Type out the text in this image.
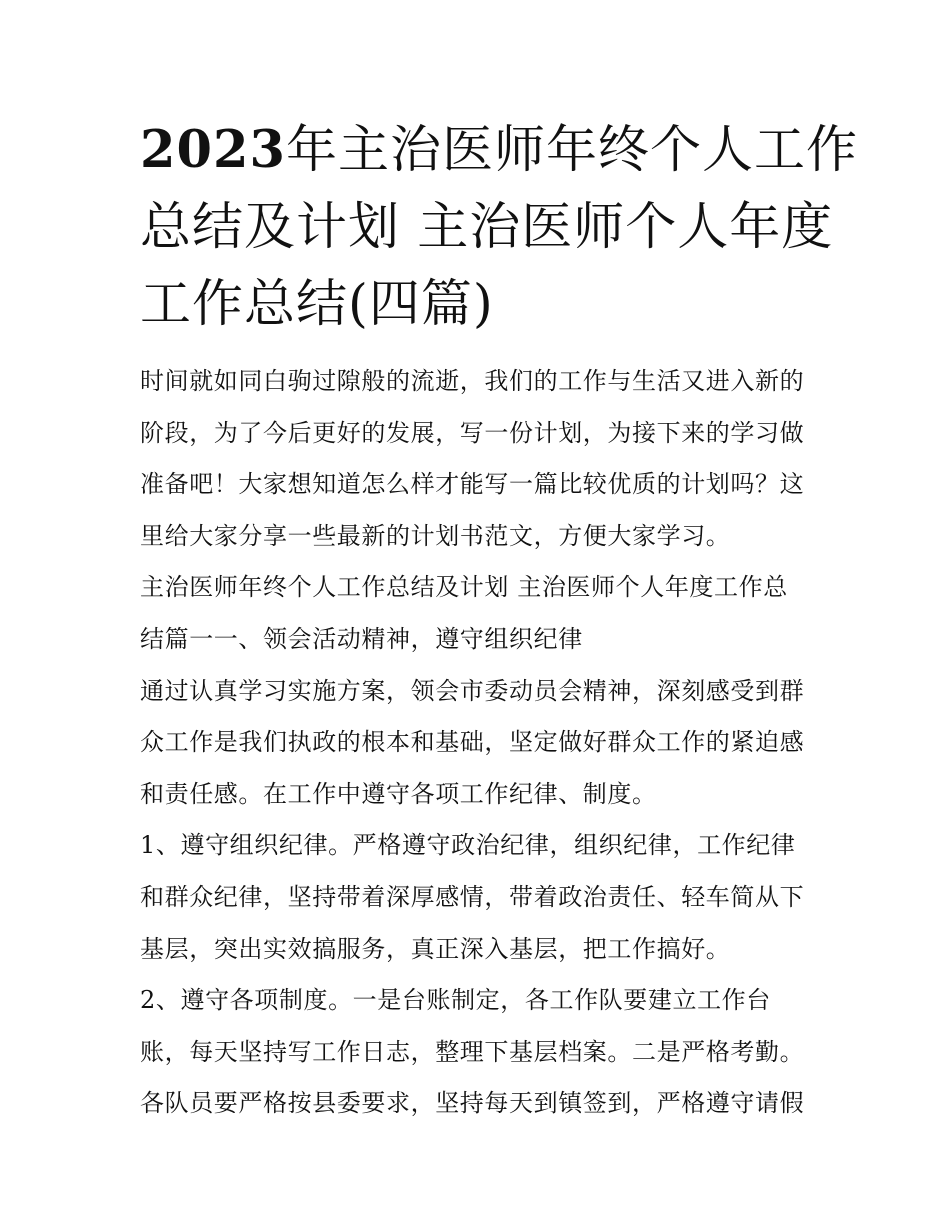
2023年主治医师年终个人工作
总结及计划 主治医师个人年度
工作总结(四篇)

时间就如同白驹过隙般的流逝，我们的工作与生活又进入新的
阶段，为了今后更好的发展，写一份计划，为接下来的学习做
准备吧！大家想知道怎么样才能写一篇比较优质的计划吗？这
里给大家分享一些最新的计划书范文，方便大家学习。

主治医师年终个人工作总结及计划 主治医师个人年度工作总
结篇一一、领会活动精神，遵守组织纪律

通过认真学习实施方案，领会市委动员会精神，深刻感受到群
众工作是我们执政的根本和基础，坚定做好群众工作的紧迫感
和责任感。在工作中遵守各项工作纪律、制度。

1、遵守组织纪律。严格遵守政治纪律，组织纪律，工作纪律
和群众纪律，坚持带着深厚感情，带着政治责任、轻车简从下
基层，突出实效搞服务，真正深入基层，把工作搞好。

2、遵守各项制度。一是台账制定，各工作队要建立工作台
账，每天坚持写工作日志，整理下基层档案。二是严格考勤。
各队员要严格按县委要求，坚持每天到镇签到，严格遵守请假
